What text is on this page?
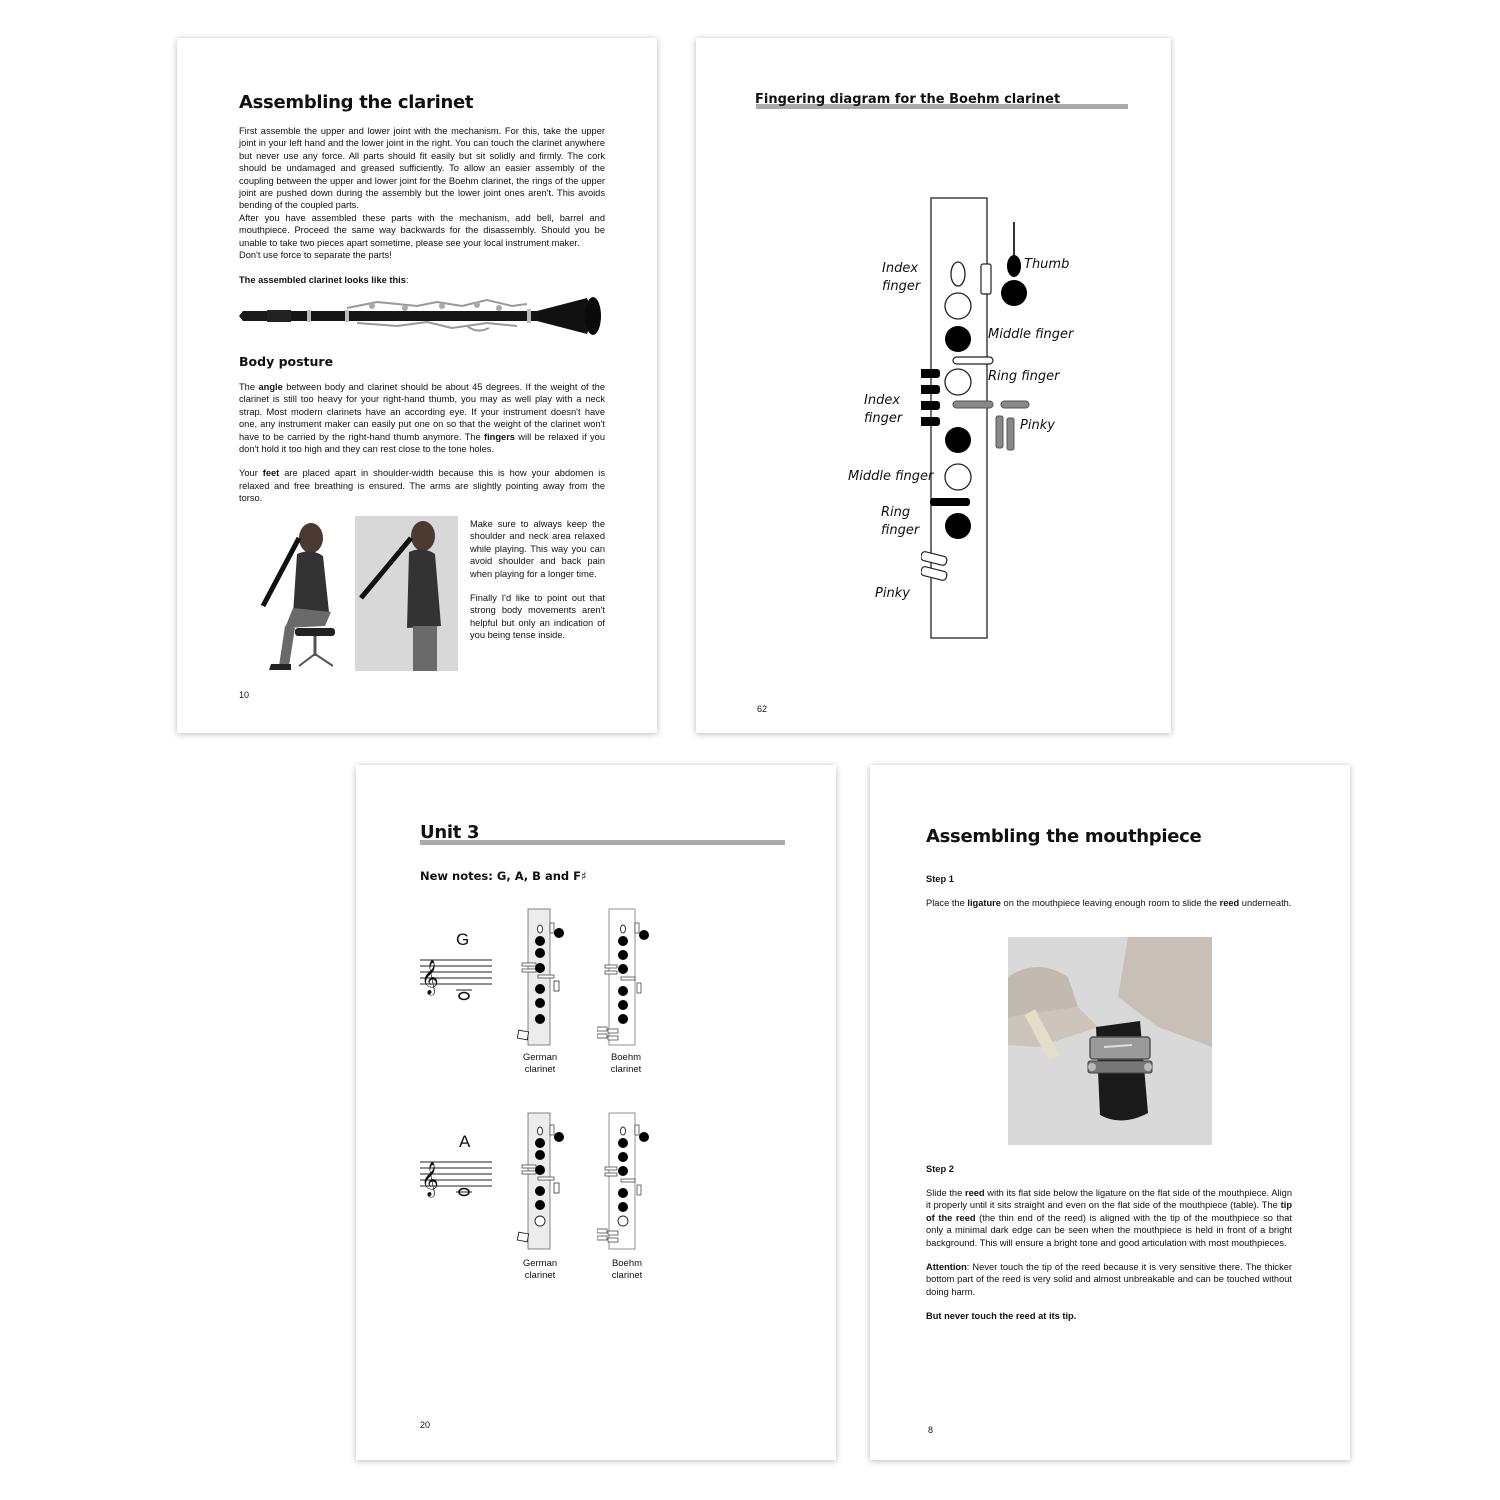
Assembling the clarinet

First assemble the upper and lower joint with the mechanism. For this, take the upper joint in your left hand and the lower joint in the right. You can touch the clarinet anywhere but never use any force. All parts should fit easily but sit solidly and firmly. The cork should be undamaged and greased sufficiently. To allow an easier assembly of the coupling between the upper and lower joint for the Boehm clarinet, the rings of the upper joint are pushed down during the assembly but the lower joint ones aren't. This avoids bending of the coupled parts.

After you have assembled these parts with the mechanism, add bell, barrel and mouthpiece. Proceed the same way backwards for the disassembly. Should you be unable to take two pieces apart sometime, please see your local instrument maker.

Don't use force to separate the parts!

The assembled clarinet looks like this:
Body posture

The angle between body and clarinet should be about 45 degrees. If the weight of the clarinet is still too heavy for your right-hand thumb, you may as well play with a neck strap. Most modern clarinets have an according eye. If your instrument doesn't have one, any instrument maker can easily put one on so that the weight of the clarinet won't have to be carried by the right-hand thumb anymore. The fingers will be relaxed if you don't hold it too high and they can rest close to the tone holes.

Your feet are placed apart in shoulder-width because this is how your abdomen is relaxed and free breathing is ensured. The arms are slightly pointing away from the torso.

Make sure to always keep the shoulder and neck area relaxed while playing. This way you can avoid shoulder and back pain when playing for a longer time.

Finally I'd like to point out that strong body movements aren't helpful but only an indication of you being tense inside.

10
Fingering diagram for the Boehm clarinet
Index
finger
Thumb
Middle finger
Ring finger
Index
finger	Pinky
Middle finger
Ring
finger
Pinky
62
Unit 3
New notes: G, A, B and F♯
G
𝄞
German
clarinet
Boehm
clarinet
A
𝄞
German
clarinet
Boehm
clarinet
20
Assembling the mouthpiece
Step 1

Place the ligature on the mouthpiece leaving enough room to slide the reed underneath.

Step 2

Slide the reed with its flat side below the ligature on the flat side of the mouthpiece. Align it properly until it sits straight and even on the flat side of the mouthpiece (table). The tip of the reed (the thin end of the reed) is aligned with the tip of the mouthpiece so that only a minimal dark edge can be seen when the mouthpiece is held in front of a bright background. This will ensure a bright tone and good articulation with most mouthpieces.

Attention: Never touch the tip of the reed because it is very sensitive there. The thicker bottom part of the reed is very solid and almost unbreakable and can be touched without doing harm.

But never touch the reed at its tip.

8
